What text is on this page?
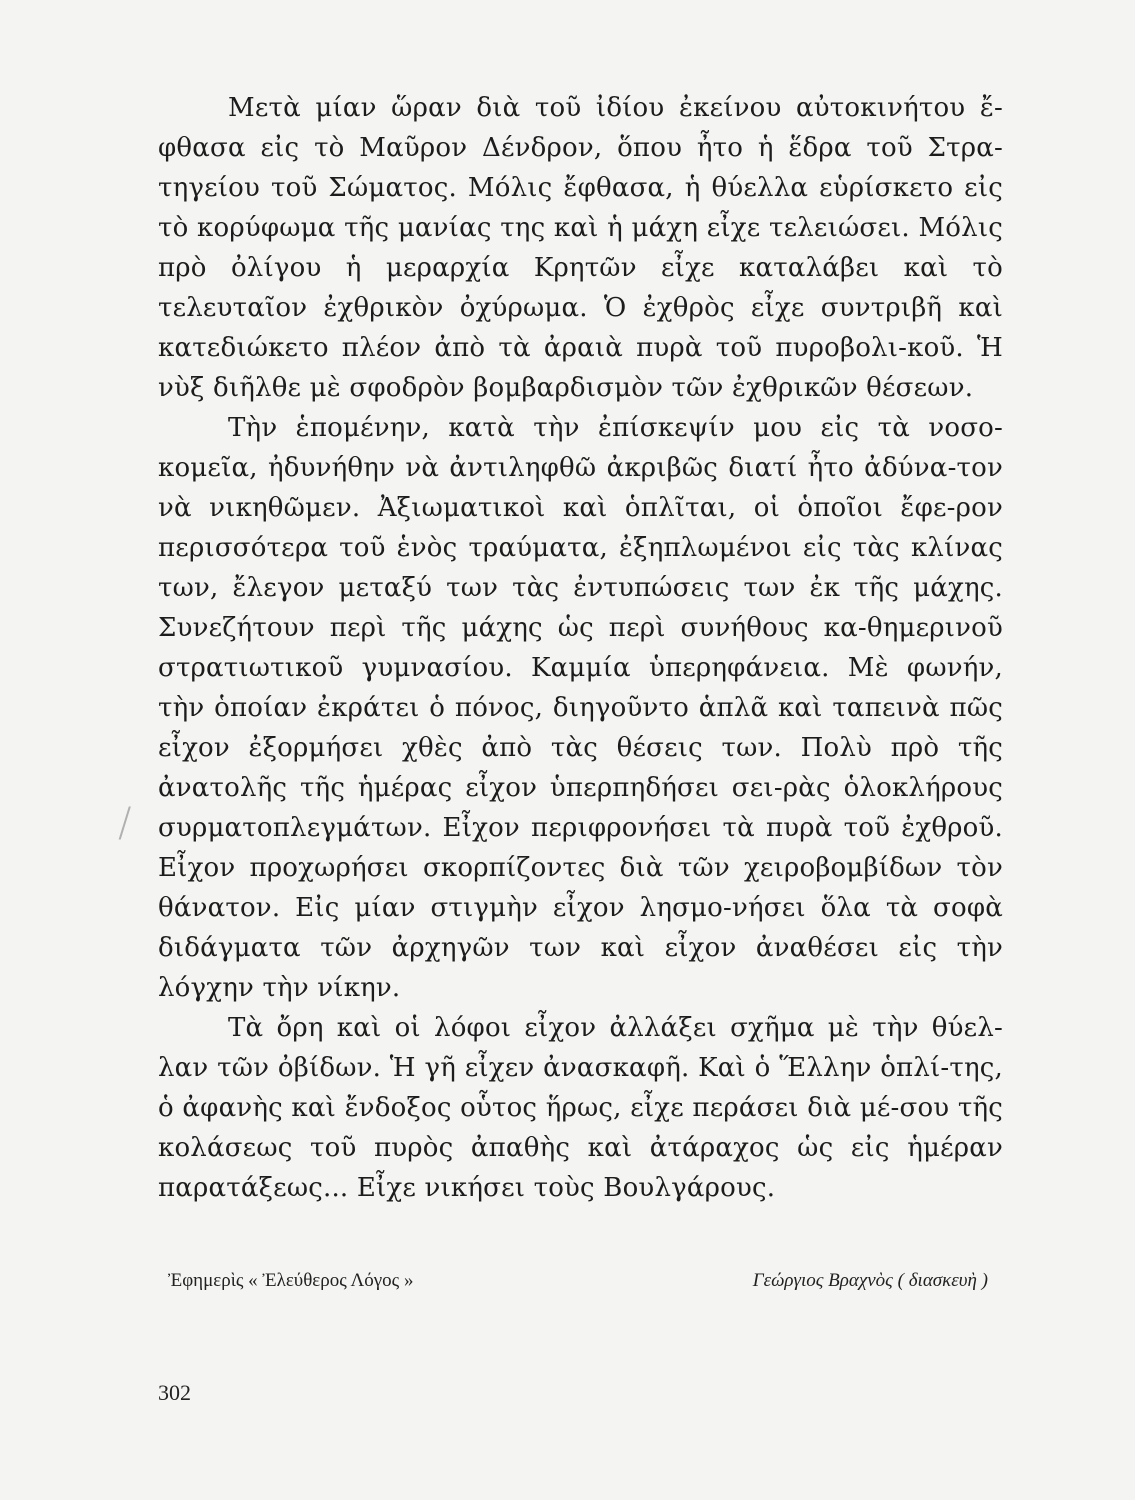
Μετὰ μίαν ὥραν διὰ τοῦ ἰδίου ἐκείνου αὐτοκινήτου ἔ-φθασα εἰς τὸ Μαῦρον Δένδρον, ὅπου ἦτο ἡ ἕδρα τοῦ Στρα-τηγείου τοῦ Σώματος. Μόλις ἔφθασα, ἡ θύελλα εὑρίσκετο εἰς τὸ κορύφωμα τῆς μανίας της καὶ ἡ μάχη εἶχε τελειώσει. Μόλις πρὸ ὀλίγου ἡ μεραρχία Κρητῶν εἶχε καταλάβει καὶ τὸ τελευταῖον ἐχθρικὸν ὀχύρωμα. Ὁ ἐχθρὸς εἶχε συντριβῆ καὶ κατεδιώκετο πλέον ἀπὸ τὰ ἀραιὰ πυρὰ τοῦ πυροβολι-κοῦ. Ἡ νὺξ διῆλθε μὲ σφοδρὸν βομβαρδισμὸν τῶν ἐχθρικῶν θέσεων.

Τὴν ἑπομένην, κατὰ τὴν ἐπίσκεψίν μου εἰς τὰ νοσο-κομεῖα, ἠδυνήθην νὰ ἀντιληφθῶ ἀκριβῶς διατί ἦτο ἀδύνα-τον νὰ νικηθῶμεν. Ἀξιωματικοὶ καὶ ὁπλῖται, οἱ ὁποῖοι ἔφε-ρον περισσότερα τοῦ ἑνὸς τραύματα, ἐξηπλωμένοι εἰς τὰς κλίνας των, ἔλεγον μεταξύ των τὰς ἐντυπώσεις των ἐκ τῆς μάχης. Συνεζήτουν περὶ τῆς μάχης ὡς περὶ συνήθους κα-θημερινοῦ στρατιωτικοῦ γυμνασίου. Καμμία ὑπερηφάνεια. Μὲ φωνήν, τὴν ὁποίαν ἐκράτει ὁ πόνος, διηγοῦντο ἁπλᾶ καὶ ταπεινὰ πῶς εἶχον ἐξορμήσει χθὲς ἀπὸ τὰς θέσεις των. Πολὺ πρὸ τῆς ἀνατολῆς τῆς ἡμέρας εἶχον ὑπερπηδήσει σει-ρὰς ὁλοκλήρους συρματοπλεγμάτων. Εἶχον περιφρονήσει τὰ πυρὰ τοῦ ἐχθροῦ. Εἶχον προχωρήσει σκορπίζοντες διὰ τῶν χειροβομβίδων τὸν θάνατον. Εἰς μίαν στιγμὴν εἶχον λησμο-νήσει ὅλα τὰ σοφὰ διδάγματα τῶν ἀρχηγῶν των καὶ εἶχον ἀναθέσει εἰς τὴν λόγχην τὴν νίκην.

Τὰ ὄρη καὶ οἱ λόφοι εἶχον ἀλλάξει σχῆμα μὲ τὴν θύελ-λαν τῶν ὀβίδων. Ἡ γῆ εἶχεν ἀνασκαφῆ. Καὶ ὁ Ἕλλην ὁπλί-της, ὁ ἀφανὴς καὶ ἔνδοξος οὗτος ἥρως, εἶχε περάσει διὰ μέ-σου τῆς κολάσεως τοῦ πυρὸς ἀπαθὴς καὶ ἀτάραχος ὡς εἰς ἡμέραν παρατάξεως... Εἶχε νικήσει τοὺς Βουλγάρους.

Ἐφημερὶς « Ἐλεύθερος Λόγος »	Γεώργιος Βραχνὸς ( διασκευὴ )
302
/
